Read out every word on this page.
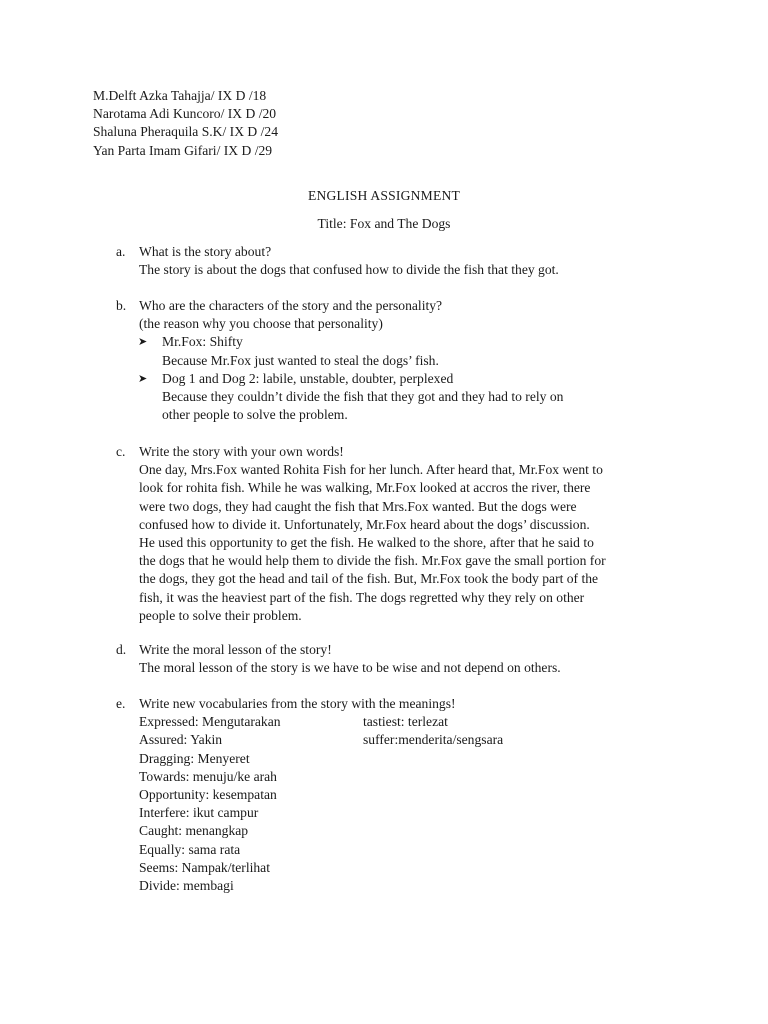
M.Delft Azka Tahajja/ IX D /18
Narotama Adi Kuncoro/ IX D /20
Shaluna Pheraquila S.K/ IX D /24
Yan Parta Imam Gifari/ IX D /29
ENGLISH ASSIGNMENT
Title: Fox and The Dogs
a. What is the story about?
The story is about the dogs that confused how to divide the fish that they got.
b. Who are the characters of the story and the personality?
(the reason why you choose that personality)
➤ Mr.Fox: Shifty
Because Mr.Fox just wanted to steal the dogs’ fish.
➤ Dog 1 and Dog 2: labile, unstable, doubter, perplexed
Because they couldn’t divide the fish that they got and they had to rely on
other people to solve the problem.
c. Write the story with your own words!
One day, Mrs.Fox wanted Rohita Fish for her lunch. After heard that, Mr.Fox went to
look for rohita fish. While he was walking, Mr.Fox looked at accros the river, there
were two dogs, they had caught the fish that Mrs.Fox wanted. But the dogs were
confused how to divide it. Unfortunately, Mr.Fox heard about the dogs’ discussion.
He used this opportunity to get the fish. He walked to the shore, after that he said to
the dogs that he would help them to divide the fish. Mr.Fox gave the small portion for
the dogs, they got the head and tail of the fish. But, Mr.Fox took the body part of the
fish, it was the heaviest part of the fish. The dogs regretted why they rely on other
people to solve their problem.
d. Write the moral lesson of the story!
The moral lesson of the story is we have to be wise and not depend on others.
e. Write new vocabularies from the story with the meanings!
Expressed: Mengutarakan	tastiest: terlezat
Assured: Yakin	suffer:menderita/sengsara
Dragging: Menyeret
Towards: menuju/ke arah
Opportunity: kesempatan
Interfere: ikut campur
Caught: menangkap
Equally: sama rata
Seems: Nampak/terlihat
Divide: membagi
